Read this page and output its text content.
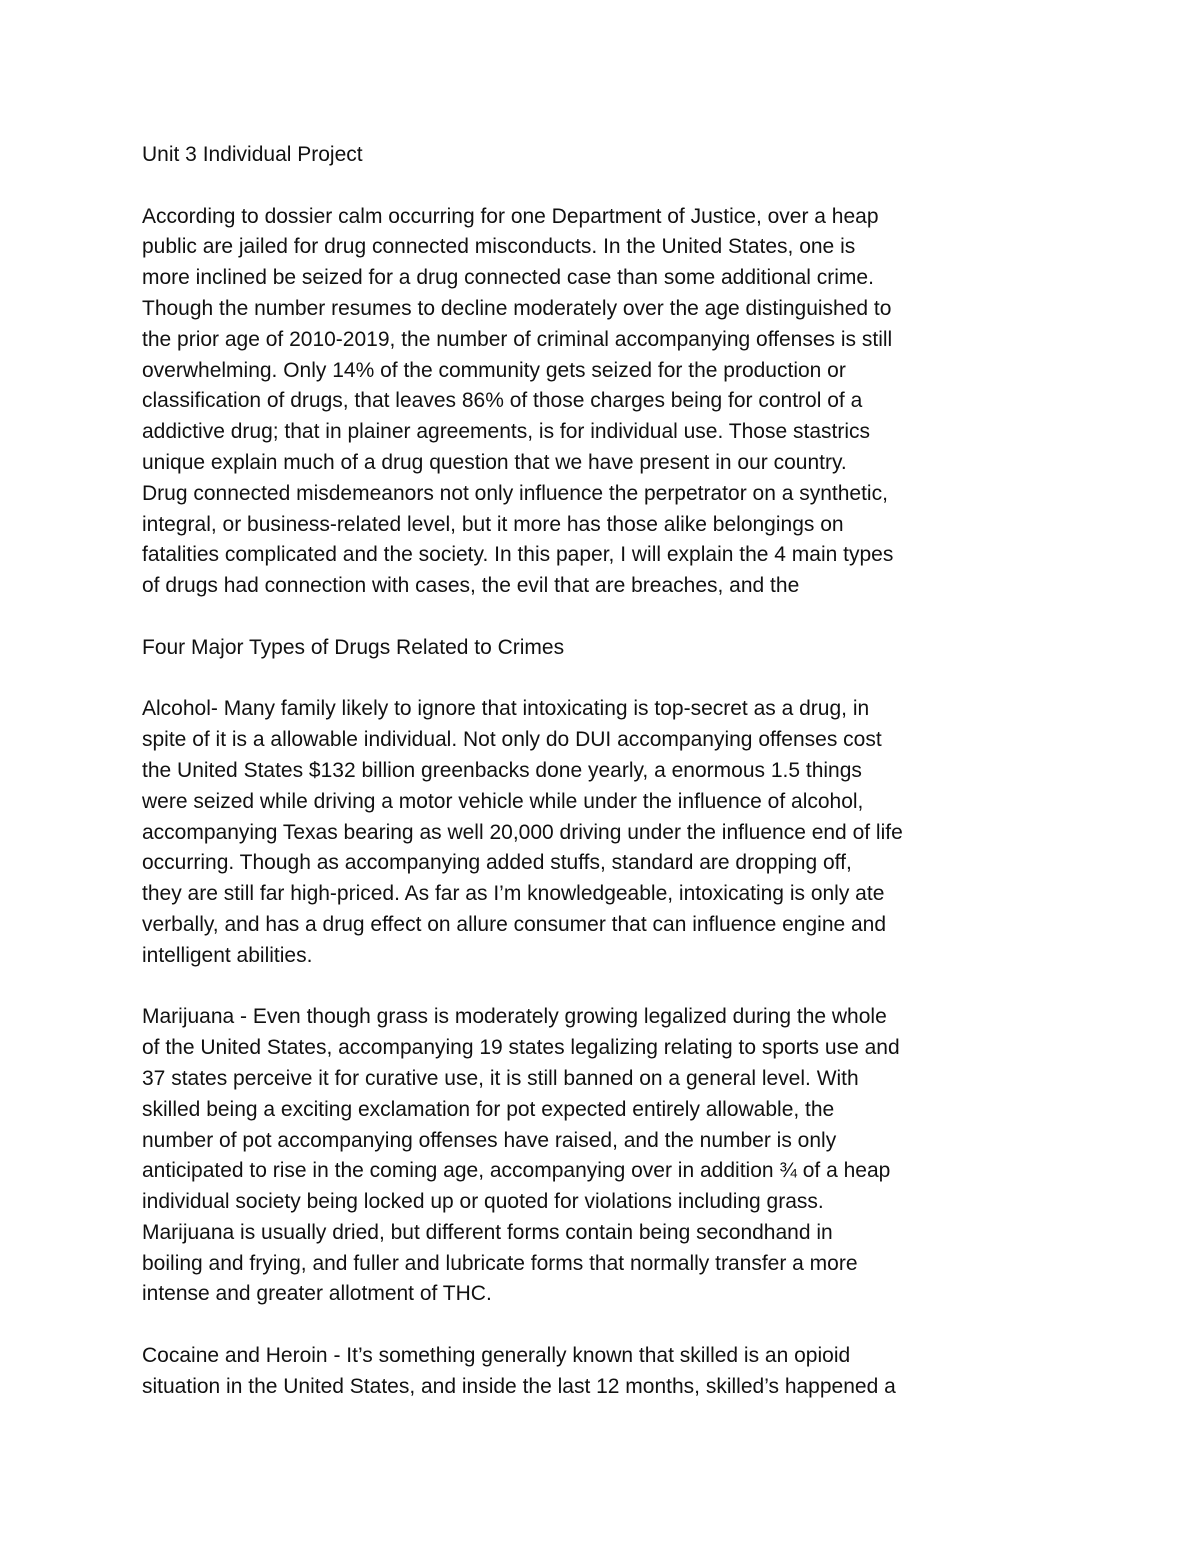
Unit 3 Individual Project
According to dossier calm occurring for one Department of Justice, over a heap
public are jailed for drug connected misconducts. In the United States, one is
more inclined be seized for a drug connected case than some additional crime.
Though the number resumes to decline moderately over the age distinguished to
the prior age of 2010-2019, the number of criminal accompanying offenses is still
overwhelming. Only 14% of the community gets seized for the production or
classification of drugs, that leaves 86% of those charges being for control of a
addictive drug; that in plainer agreements, is for individual use. Those stastrics
unique explain much of a drug question that we have present in our country.
Drug connected misdemeanors not only influence the perpetrator on a synthetic,
integral, or business-related level, but it more has those alike belongings on
fatalities complicated and the society. In this paper, I will explain the 4 main types
of drugs had connection with cases, the evil that are breaches, and the
Four Major Types of Drugs Related to Crimes
Alcohol- Many family likely to ignore that intoxicating is top-secret as a drug, in
spite of it is a allowable individual. Not only do DUI accompanying offenses cost
the United States $132 billion greenbacks done yearly, a enormous 1.5 things
were seized while driving a motor vehicle while under the influence of alcohol,
accompanying Texas bearing as well 20,000 driving under the influence end of life
occurring. Though as accompanying added stuffs, standard are dropping off,
they are still far high-priced. As far as I’m knowledgeable, intoxicating is only ate
verbally, and has a drug effect on allure consumer that can influence engine and
intelligent abilities.
Marijuana - Even though grass is moderately growing legalized during the whole
of the United States, accompanying 19 states legalizing relating to sports use and
37 states perceive it for curative use, it is still banned on a general level. With
skilled being a exciting exclamation for pot expected entirely allowable, the
number of pot accompanying offenses have raised, and the number is only
anticipated to rise in the coming age, accompanying over in addition ¾ of a heap
individual society being locked up or quoted for violations including grass.
Marijuana is usually dried, but different forms contain being secondhand in
boiling and frying, and fuller and lubricate forms that normally transfer a more
intense and greater allotment of THC.
Cocaine and Heroin - It’s something generally known that skilled is an opioid
situation in the United States, and inside the last 12 months, skilled’s happened a
